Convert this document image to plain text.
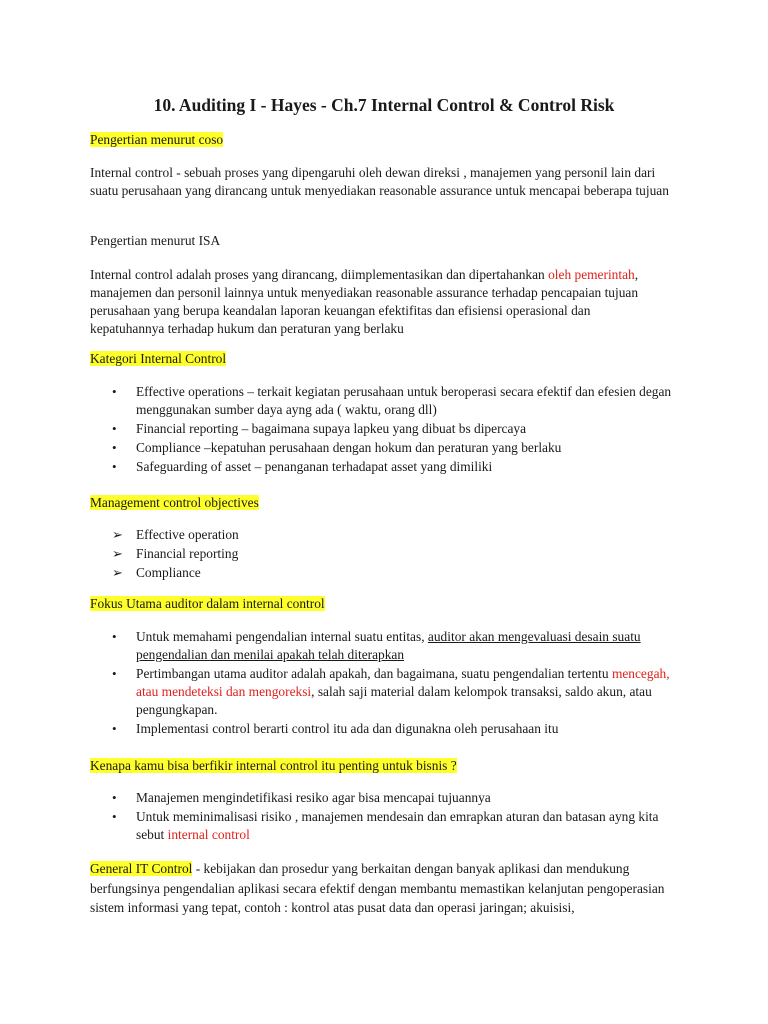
10. Auditing I - Hayes - Ch.7 Internal Control & Control Risk
Pengertian menurut coso
Internal control - sebuah proses yang dipengaruhi oleh dewan direksi , manajemen yang personil lain dari suatu perusahaan yang dirancang untuk menyediakan reasonable assurance untuk mencapai beberapa tujuan
Pengertian menurut ISA
Internal control adalah proses yang dirancang, diimplementasikan dan dipertahankan oleh pemerintah, manajemen dan personil lainnya untuk menyediakan reasonable assurance terhadap pencapaian tujuan perusahaan yang berupa keandalan laporan keuangan efektifitas dan efisiensi operasional dan kepatuhannya terhadap hukum dan peraturan yang berlaku
Kategori Internal Control
• Effective operations – terkait kegiatan perusahaan untuk beroperasi secara efektif dan efesien degan menggunakan sumber daya ayng ada ( waktu, orang dll)
• Financial reporting – bagaimana supaya lapkeu yang dibuat bs dipercaya
• Compliance –kepatuhan perusahaan dengan hokum dan peraturan yang berlaku
• Safeguarding of asset – penanganan terhadapat asset yang dimiliki
Management control objectives
➢ Effective operation
➢ Financial reporting
➢ Compliance
Fokus Utama auditor dalam internal control
• Untuk memahami pengendalian internal suatu entitas, auditor akan mengevaluasi desain suatu pengendalian dan menilai apakah telah diterapkan
• Pertimbangan utama auditor adalah apakah, dan bagaimana, suatu pengendalian tertentu mencegah, atau mendeteksi dan mengoreksi, salah saji material dalam kelompok transaksi, saldo akun, atau pengungkapan.
• Implementasi control berarti control itu ada dan digunakna oleh perusahaan itu
Kenapa kamu bisa berfikir internal control itu penting untuk bisnis ?
• Manajemen mengindetifikasi resiko agar bisa mencapai tujuannya
• Untuk meminimalisasi risiko , manajemen mendesain dan emrapkan aturan dan batasan ayng kita sebut internal control
General IT Control - kebijakan dan prosedur yang berkaitan dengan banyak aplikasi dan mendukung berfungsinya pengendalian aplikasi secara efektif dengan membantu memastikan kelanjutan pengoperasian sistem informasi yang tepat, contoh : kontrol atas pusat data dan operasi jaringan; akuisisi,
